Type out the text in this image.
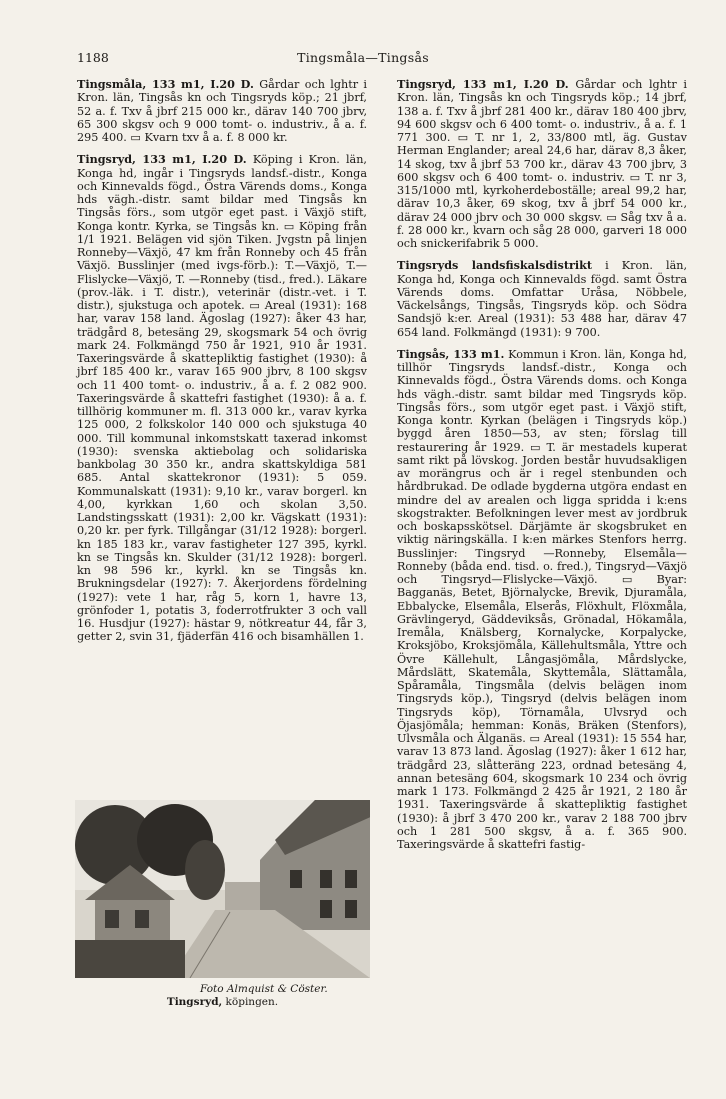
1188	Tingsmåla—Tingsås

Tingsmåla, 133 m1, I.20 D. Gårdar och lghtr i Kron. län, Tingsås kn och Tingsryds köp.; 21 jbrf, 52 a. f. Txv å jbrf 215 000 kr., därav 140 700 jbrv, 65 300 skgsv och 9 000 tomt- o. industriv., å a. f. 295 400. ▭ Kvarn txv å a. f. 8 000 kr.

Tingsryd, 133 m1, I.20 D. Köping i Kron. län, Konga hd, ingår i Tingsryds landsf.-distr., Konga och Kinnevalds fögd., Östra Värends doms., Konga hds vägh.-distr. samt bildar med Tingsås kn Tingsås förs., som utgör eget past. i Växjö stift, Konga kontr. Kyrka, se Tingsås kn. ▭ Köping från 1/1 1921. Belägen vid sjön Tiken. Jvgstn på linjen Ronneby—Växjö, 47 km från Ronneby och 45 från Växjö. Busslinjer (med ivgs-förb.): T.—Växjö, T.—Flislycke—Växjö, T. —Ronneby (tisd., fred.). Läkare (prov.-läk. i T. distr.), veterinär (distr.-vet. i T. distr.), sjukstuga och apotek. ▭ Areal (1931): 168 har, varav 158 land. Ägoslag (1927): åker 43 har, trädgård 8, betesäng 29, skogsmark 54 och övrig mark 24. Folkmängd 750 år 1921, 910 år 1931. Taxeringsvärde å skattepliktig fastighet (1930): å jbrf 185 400 kr., varav 165 900 jbrv, 8 100 skgsv och 11 400 tomt- o. industriv., å a. f. 2 082 900. Taxeringsvärde å skattefri fastighet (1930): å a. f. tillhörig kommuner m. fl. 313 000 kr., varav kyrka 125 000, 2 folkskolor 140 000 och sjukstuga 40 000. Till kommunal inkomstskatt taxerad inkomst (1930): svenska aktiebolag och solidariska bankbolag 30 350 kr., andra skattskyldiga 581 685. Antal skattekronor (1931): 5 059. Kommunalskatt (1931): 9,10 kr., varav borgerl. kn 4,00, kyrkkan 1,60 och skolan 3,50. Landstingsskatt (1931): 2,00 kr. Vägskatt (1931): 0,20 kr. per fyrk. Tillgångar (31/12 1928): borgerl. kn 185 183 kr., varav fastigheter 127 395, kyrkl. kn se Tingsås kn. Skulder (31/12 1928): borgerl. kn 98 596 kr., kyrkl. kn se Tingsås kn. Brukningsdelar (1927): 7. Åkerjordens fördelning (1927): vete 1 har, råg 5, korn 1, havre 13, grönfoder 1, potatis 3, foderrotfrukter 3 och vall 16. Husdjur (1927): hästar 9, nötkreatur 44, får 3, getter 2, svin 31, fjäderfän 416 och bisamhällen 1.

Tingsryd, 133 m1, I.20 D. Gårdar och lghtr i Kron. län, Tingsås kn och Tingsryds köp.; 14 jbrf, 138 a. f. Txv å jbrf 281 400 kr., därav 180 400 jbrv, 94 600 skgsv och 6 400 tomt- o. industriv., å a. f. 1 771 300. ▭ T. nr 1, 2, 33/800 mtl, äg. Gustav Herman Englander; areal 24,6 har, därav 8,3 åker, 14 skog, txv å jbrf 53 700 kr., därav 43 700 jbrv, 3 600 skgsv och 6 400 tomt- o. industriv. ▭ T. nr 3, 315/1000 mtl, kyrkoherdeboställe; areal 99,2 har, därav 10,3 åker, 69 skog, txv å jbrf 54 000 kr., därav 24 000 jbrv och 30 000 skgsv. ▭ Såg txv å a. f. 28 000 kr., kvarn och såg 28 000, garveri 18 000 och snickerifabrik 5 000.

Tingsryds landsfiskalsdistrikt i Kron. län, Konga hd, Konga och Kinnevalds fögd. samt Östra Värends doms. Omfattar Uråsa, Nöbbele, Väckelsångs, Tingsås, Tingsryds köp. och Södra Sandsjö k:er. Areal (1931): 53 488 har, därav 47 654 land. Folkmängd (1931): 9 700.

Tingsås, 133 m1. Kommun i Kron. län, Konga hd, tillhör Tingsryds landsf.-distr., Konga och Kinnevalds fögd., Östra Värends doms. och Konga hds vägh.-distr. samt bildar med Tingsryds köp. Tingsås förs., som utgör eget past. i Växjö stift, Konga kontr. Kyrkan (belägen i Tingsryds köp.) byggd åren 1850—53, av sten; förslag till restaurering år 1929. ▭ T. är mestadels kuperat samt rikt på lövskog. Jorden består huvudsakligen av morängrus och är i regel stenbunden och hårdbrukad. De odlade bygderna utgöra endast en mindre del av arealen och ligga spridda i k:ens skogstrakter. Befolkningen lever mest av jordbruk och boskapsskötsel. Därjämte är skogsbruket en viktig näringskälla. I k:en märkes Stenfors herrg. Busslinjer: Tingsryd —Ronneby, Elsemåla—Ronneby (båda end. tisd. o. fred.), Tingsryd—Växjö och Tingsryd—Flislycke—Växjö. ▭ Byar: Bagganäs, Betet, Björnalycke, Brevik, Djuramåla, Ebbalycke, Elsemåla, Elserås, Flöxhult, Flöxmåla, Grävlingeryd, Gäddeviksås, Grönadal, Hökamåla, Iremåla, Knälsberg, Kornalycke, Korpalycke, Kroksjöbo, Kroksjömåla, Källehultsmåla, Yttre och Övre Källehult, Långasjömåla, Mårdslycke, Mårdslätt, Skatemåla, Skyttemåla, Slättamåla, Spåramåla, Tingsmåla (delvis belägen inom Tingsryds köp.), Tingsryd (delvis belägen inom Tingsryds köp), Törnamåla, Ulvsryd och Öjasjömåla; hemman: Konäs, Bräken (Stenfors), Ulvsmåla och Älganäs. ▭ Areal (1931): 15 554 har, varav 13 873 land. Ägoslag (1927): åker 1 612 har, trädgård 23, slåtteräng 223, ordnad betesäng 4, annan betesäng 604, skogsmark 10 234 och övrig mark 1 173. Folkmängd 2 425 år 1921, 2 180 år 1931. Taxeringsvärde å skattepliktig fastighet (1930): å jbrf 3 470 200 kr., varav 2 188 700 jbrv och 1 281 500 skgsv, å a. f. 365 900. Taxeringsvärde å skattefri fastig-

Foto Almquist & Cöster.
Tingsryd, köpingen.
